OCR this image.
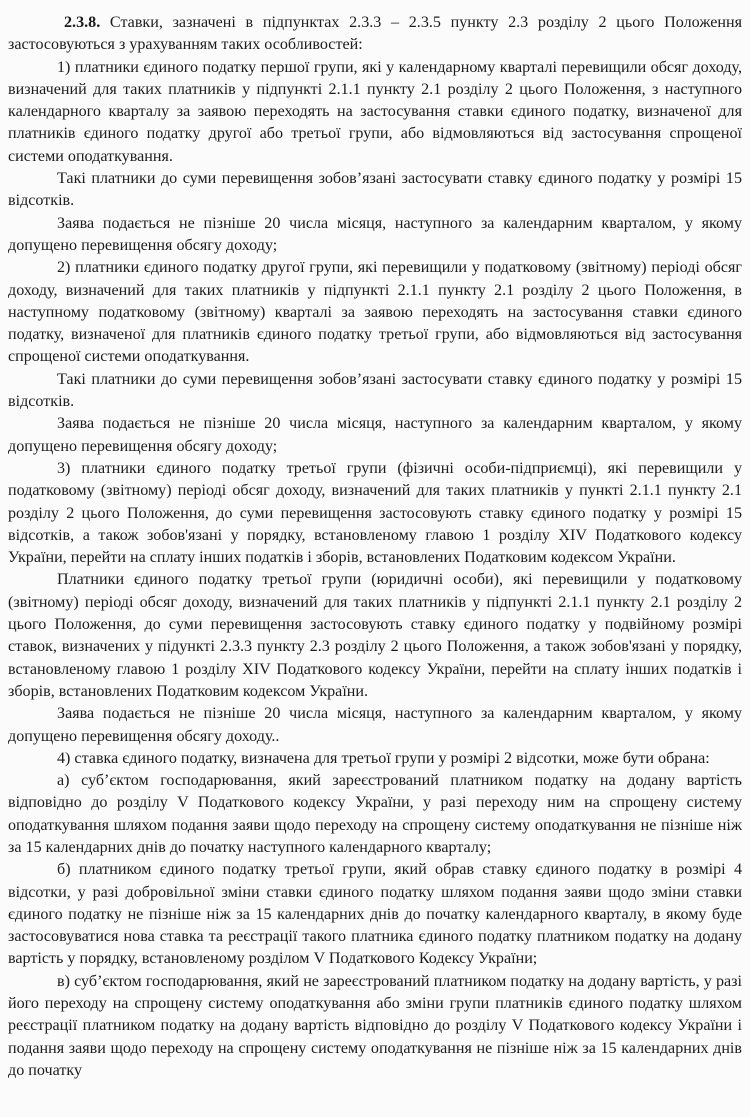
2.3.8. Ставки, зазначені в підпунктах 2.3.3 – 2.3.5 пункту 2.3 розділу 2 цього Положення застосовуються з урахуванням таких особливостей:

1) платники єдиного податку першої групи, які у календарному кварталі перевищили обсяг доходу, визначений для таких платників у підпункті 2.1.1 пункту 2.1 розділу 2 цього Положення, з наступного календарного кварталу за заявою переходять на застосування ставки єдиного податку, визначеної для платників єдиного податку другої або третьої групи, або відмовляються від застосування спрощеної системи оподаткування.

Такі платники до суми перевищення зобов’язані застосувати ставку єдиного податку у розмірі 15 відсотків.

Заява подається не пізніше 20 числа місяця, наступного за календарним кварталом, у якому допущено перевищення обсягу доходу;

2) платники єдиного податку другої групи, які перевищили у податковому (звітному) періоді обсяг доходу, визначений для таких платників у підпункті 2.1.1 пункту 2.1 розділу 2 цього Положення, в наступному податковому (звітному) кварталі за заявою переходять на застосування ставки єдиного податку, визначеної для платників єдиного податку третьої групи, або відмовляються від застосування спрощеної системи оподаткування.

Такі платники до суми перевищення зобов’язані застосувати ставку єдиного податку у розмірі 15 відсотків.

Заява подається не пізніше 20 числа місяця, наступного за календарним кварталом, у якому допущено перевищення обсягу доходу;

3) платники єдиного податку третьої групи (фізичні особи-підприємці), які перевищили у податковому (звітному) періоді обсяг доходу, визначений для таких платників у пункті 2.1.1 пункту 2.1 розділу 2 цього Положення, до суми перевищення застосовують ставку єдиного податку у розмірі 15 відсотків, а також зобов'язані у порядку, встановленому главою 1 розділу XIV Податкового кодексу України, перейти на сплату інших податків і зборів, встановлених Податковим кодексом України.

Платники єдиного податку третьої групи (юридичні особи), які перевищили у податковому (звітному) періоді обсяг доходу, визначений для таких платників у підпункті 2.1.1 пункту 2.1 розділу 2 цього Положення, до суми перевищення застосовують ставку єдиного податку у подвійному розмірі ставок, визначених у підункті 2.3.3 пункту 2.3 розділу 2 цього Положення, а також зобов'язані у порядку, встановленому главою 1 розділу XIV Податкового кодексу України, перейти на сплату інших податків і зборів, встановлених Податковим кодексом України.

Заява подається не пізніше 20 числа місяця, наступного за календарним кварталом, у якому допущено перевищення обсягу доходу..

4) ставка єдиного податку, визначена для третьої групи у розмірі 2 відсотки, може бути обрана:

а) суб’єктом господарювання, який зареєстрований платником податку на додану вартість відповідно до розділу V Податкового кодексу України, у разі переходу ним на спрощену систему оподаткування шляхом подання заяви щодо переходу на спрощену систему оподаткування не пізніше ніж за 15 календарних днів до початку наступного календарного кварталу;

б) платником єдиного податку третьої групи, який обрав ставку єдиного податку в розмірі 4 відсотки, у разі добровільної зміни ставки єдиного податку шляхом подання заяви щодо зміни ставки єдиного податку не пізніше ніж за 15 календарних днів до початку календарного кварталу, в якому буде застосовуватися нова ставка та реєстрації такого платника єдиного податку платником податку на додану вартість у порядку, встановленому розділом V Податкового Кодексу України;

в) суб’єктом господарювання, який не зареєстрований платником податку на додану вартість, у разі його переходу на спрощену систему оподаткування або зміни групи платників єдиного податку шляхом реєстрації платником податку на додану вартість відповідно до розділу V Податкового кодексу України і подання заяви щодо переходу на спрощену систему оподаткування не пізніше ніж за 15 календарних днів до початку
